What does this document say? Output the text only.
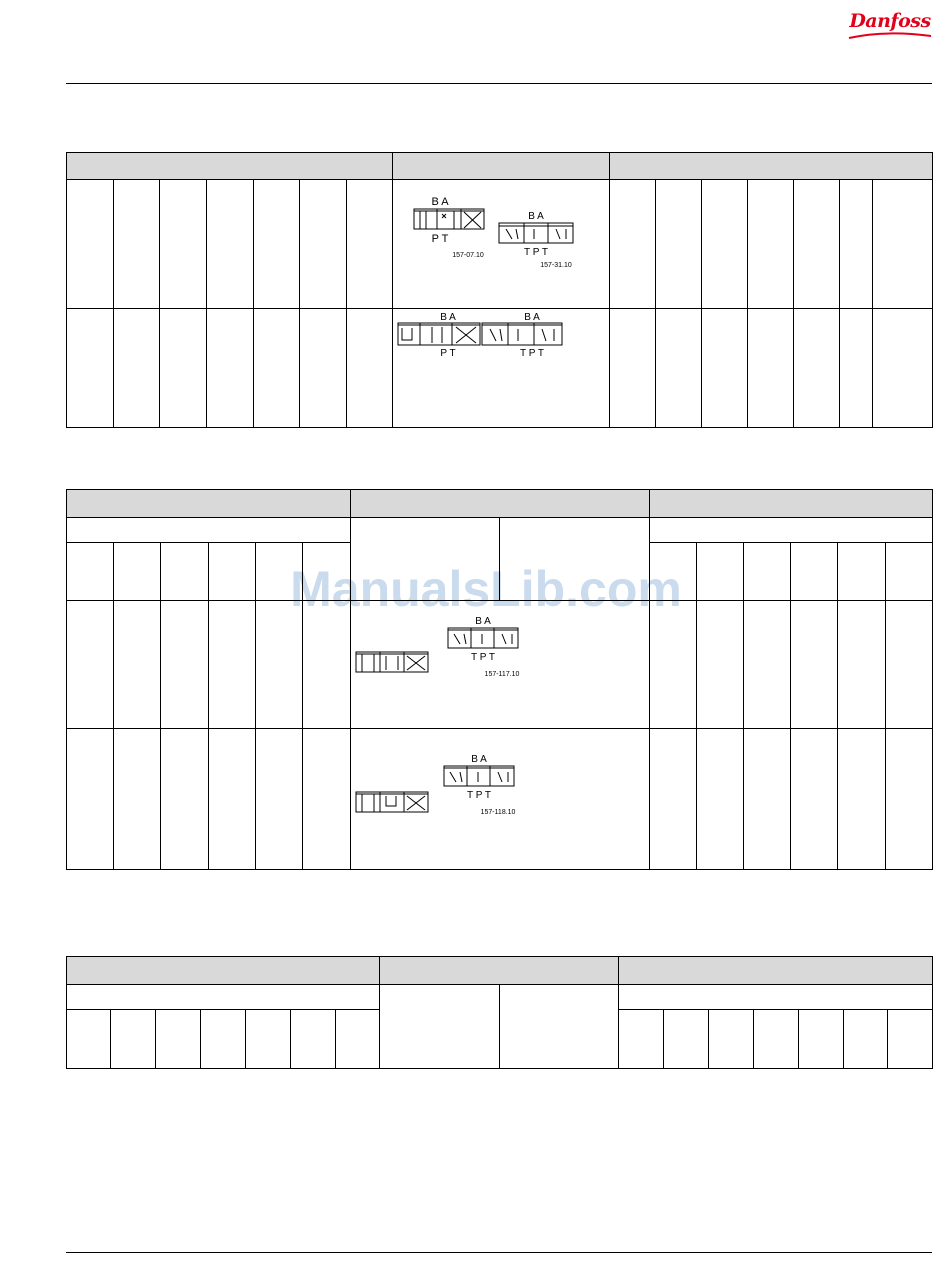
Danfoss
ManualsLib.com
B A
P T
157-07.10
B A
T P T
157-31.10
B A
P T
B A
T P T
B A
T P T
157-117.10
B A
T P T
157-118.10
